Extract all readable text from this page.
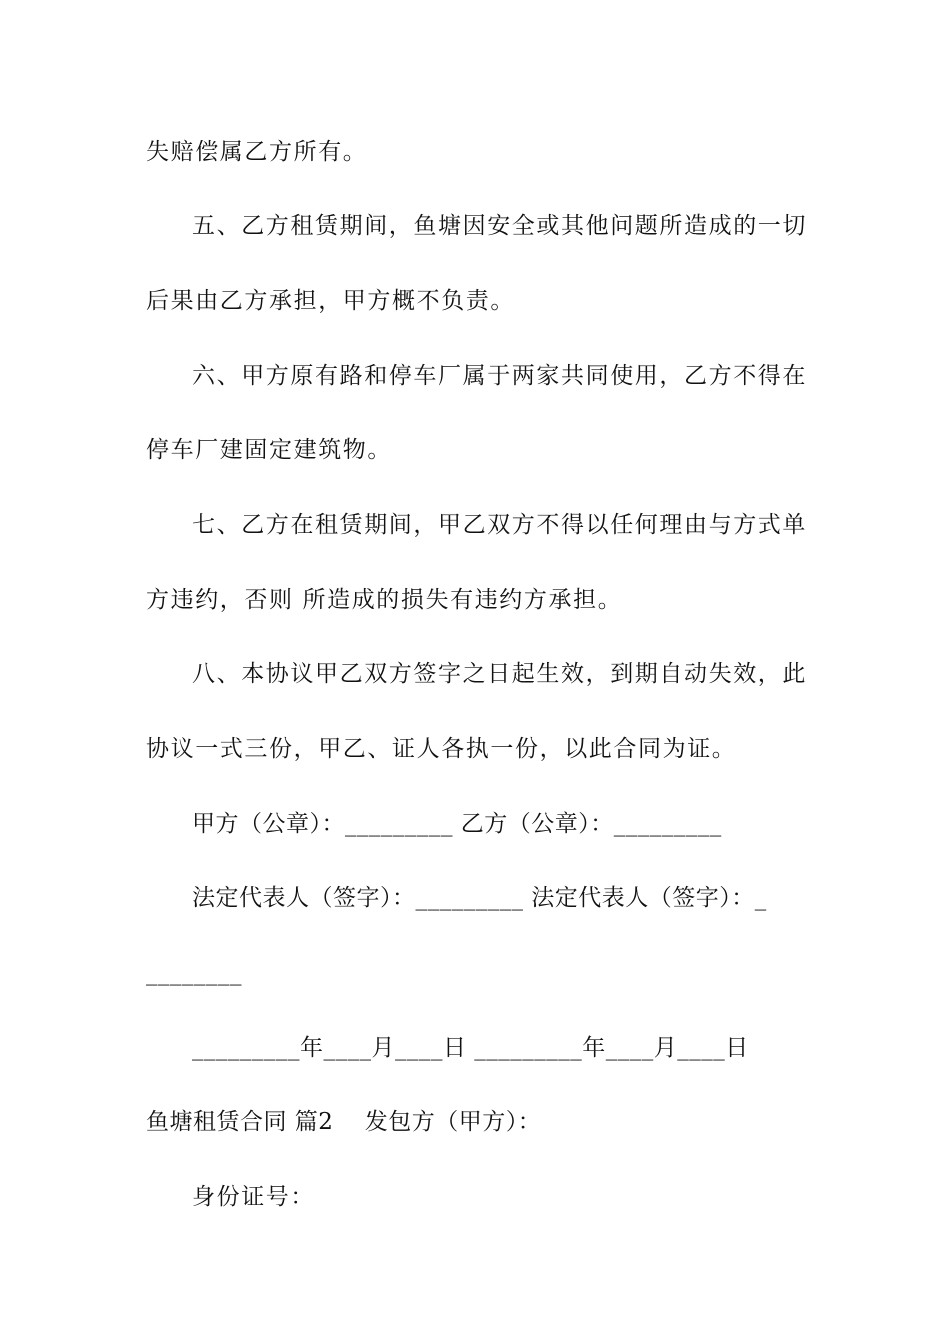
失赔偿属乙方所有。
五、乙方租赁期间，鱼塘因安全或其他问题所造成的一切
后果由乙方承担，甲方概不负责。
六、甲方原有路和停车厂属于两家共同使用，乙方不得在
停车厂建固定建筑物。
七、乙方在租赁期间，甲乙双方不得以任何理由与方式单
方违约，否则 所造成的损失有违约方承担。
八、本协议甲乙双方签字之日起生效，到期自动失效，此
协议一式三份，甲乙、证人各执一份，以此合同为证。
甲方（公章）：_________ 乙方（公章）：_________
法定代表人（签字）：_________ 法定代表人（签字）：_
________
_________年____月____日 _________年____月____日
鱼塘租赁合同 篇2    发包方（甲方）：
身份证号：
